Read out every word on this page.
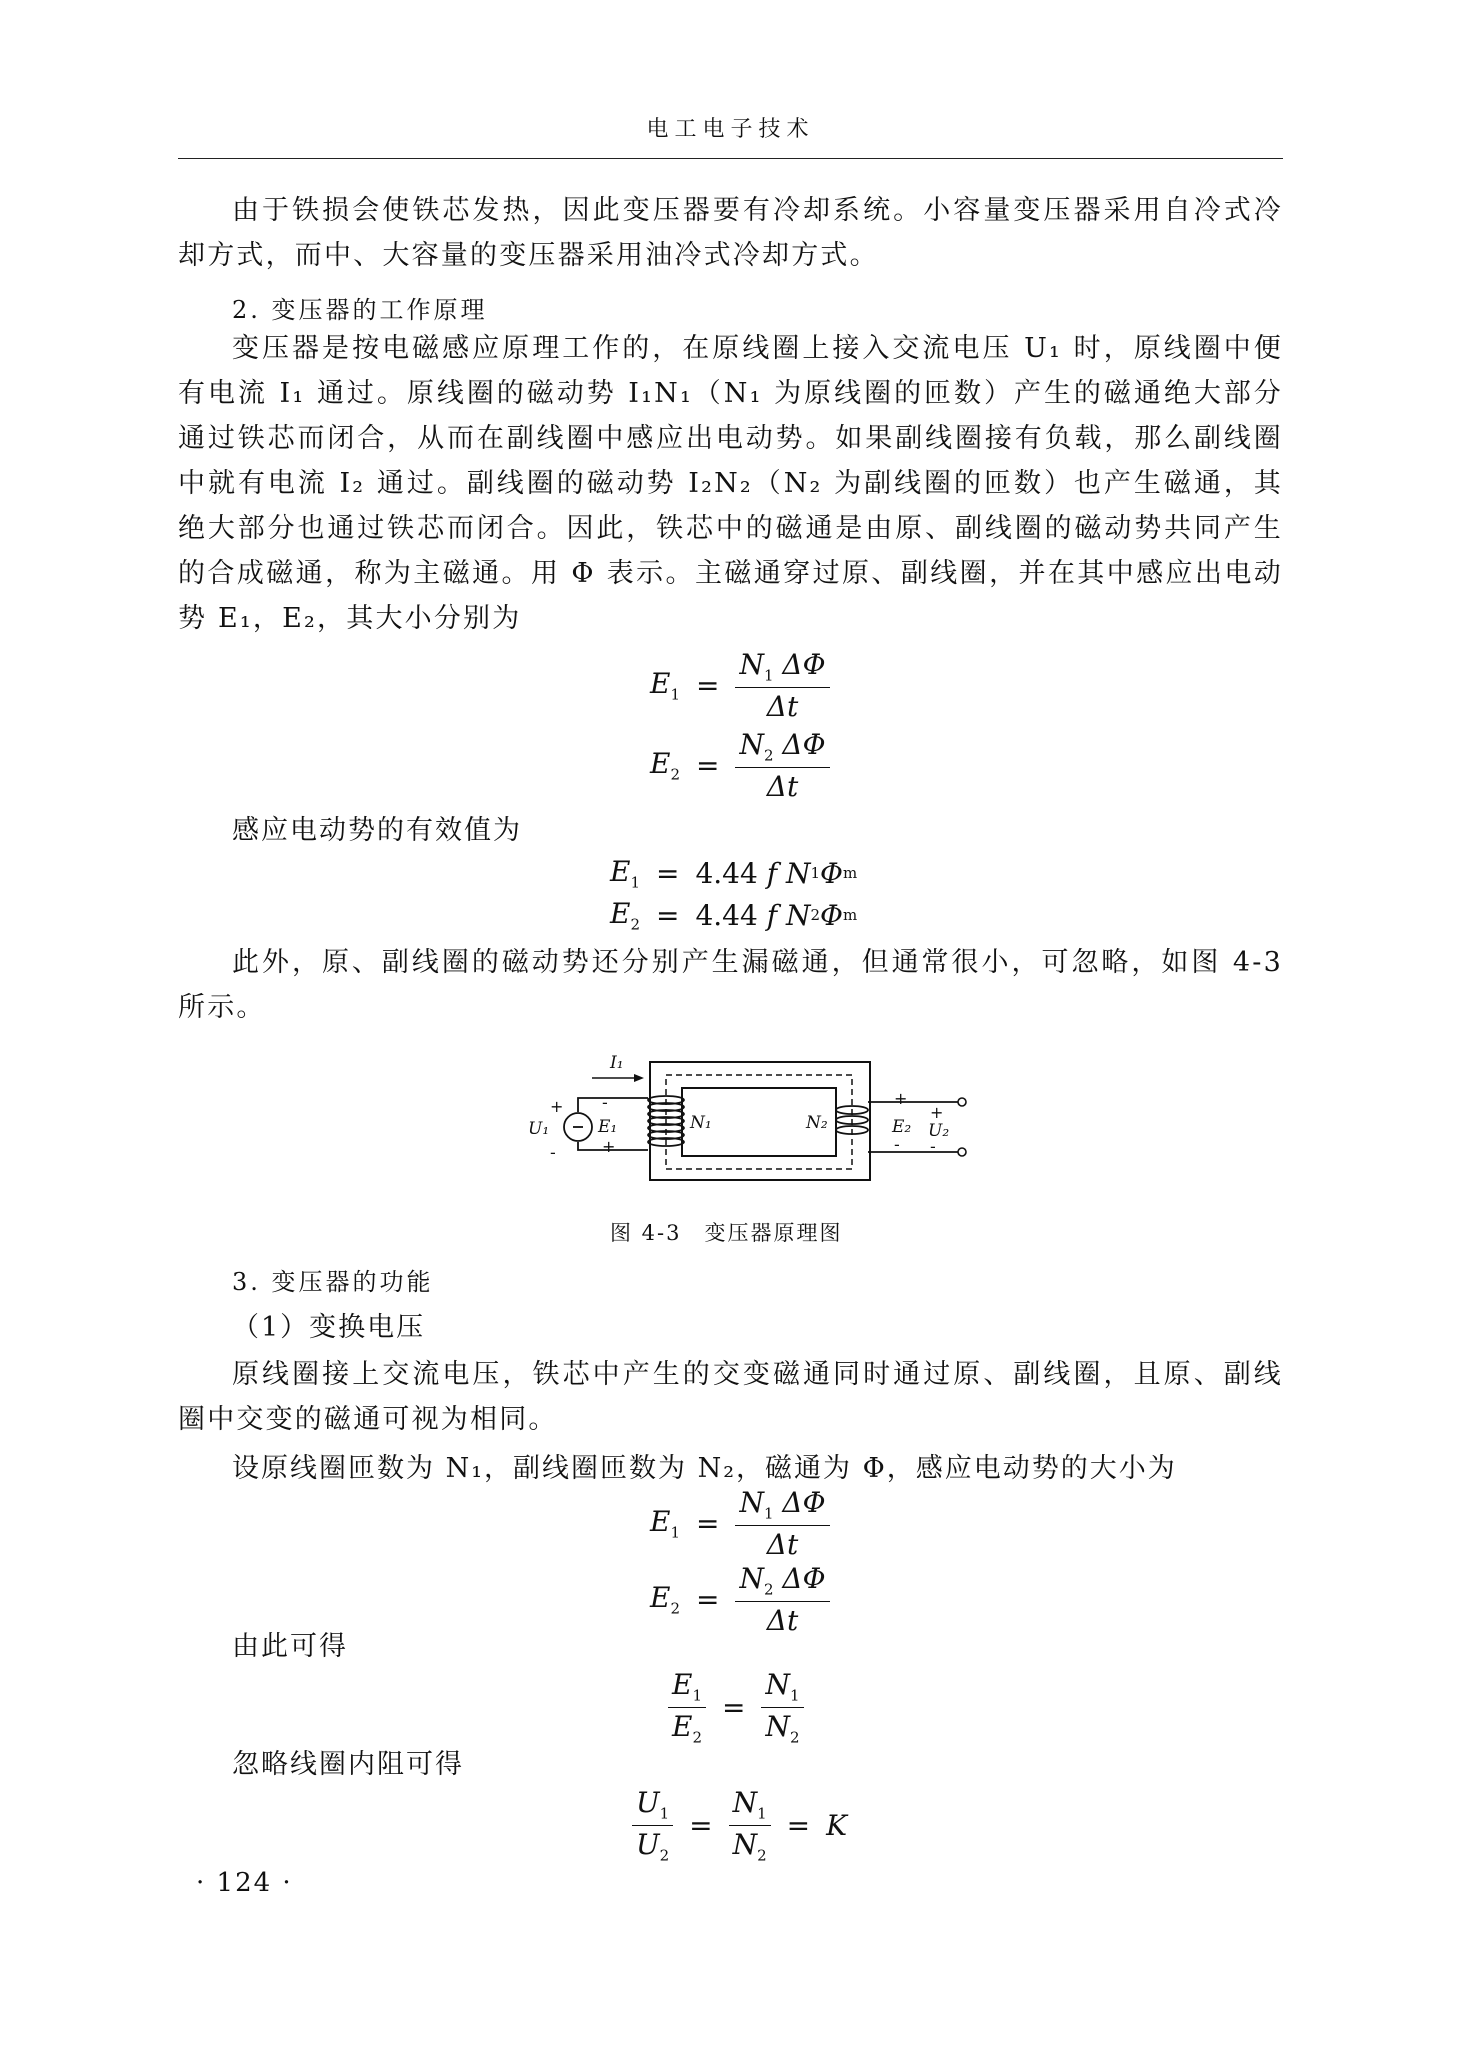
电工电子技术

由于铁损会使铁芯发热，因此变压器要有冷却系统。小容量变压器采用自冷式冷却方式，而中、大容量的变压器采用油冷式冷却方式。

2. 变压器的工作原理

变压器是按电磁感应原理工作的，在原线圈上接入交流电压 U₁ 时，原线圈中便有电流 I₁ 通过。原线圈的磁动势 I₁N₁（N₁ 为原线圈的匝数）产生的磁通绝大部分通过铁芯而闭合，从而在副线圈中感应出电动势。如果副线圈接有负载，那么副线圈中就有电流 I₂ 通过。副线圈的磁动势 I₂N₂（N₂ 为副线圈的匝数）也产生磁通，其绝大部分也通过铁芯而闭合。因此，铁芯中的磁通是由原、副线圈的磁动势共同产生的合成磁通，称为主磁通。用 Φ 表示。主磁通穿过原、副线圈，并在其中感应出电动势 E₁，E₂，其大小分别为

$E_1 = \frac{N_1 \Delta\Phi}{\Delta t}$
$E_2 = \frac{N_2 \Delta\Phi}{\Delta t}$

感应电动势的有效值为

$E_1 = 4.44$
f
N 1 Φ m
$E_2 = 4.44$
f
N 2 Φ m

此外，原、副线圈的磁动势还分别产生漏磁通，但通常很小，可忽略，如图 4-3 所示。

I₁
U₁	E₁	N₁	N₂	E₂ U₂
+
-
-
+
+
-
+
-
图 4-3　变压器原理图

3. 变压器的功能

（1）变换电压

原线圈接上交流电压，铁芯中产生的交变磁通同时通过原、副线圈，且原、副线圈中交变的磁通可视为相同。

设原线圈匝数为 N₁，副线圈匝数为 N₂，磁通为 Φ，感应电动势的大小为

$E_1 = \frac{N_1 \Delta\Phi}{\Delta t}$
$E_2 = \frac{N_2 \Delta\Phi}{\Delta t}$

由此可得

$\frac{E_1}{E_2} = \frac{N_1}{N_2}$

忽略线圈内阻可得

$\frac{U_1}{U_2} = \frac{N_1}{N_2} = K$
· 124 ·
